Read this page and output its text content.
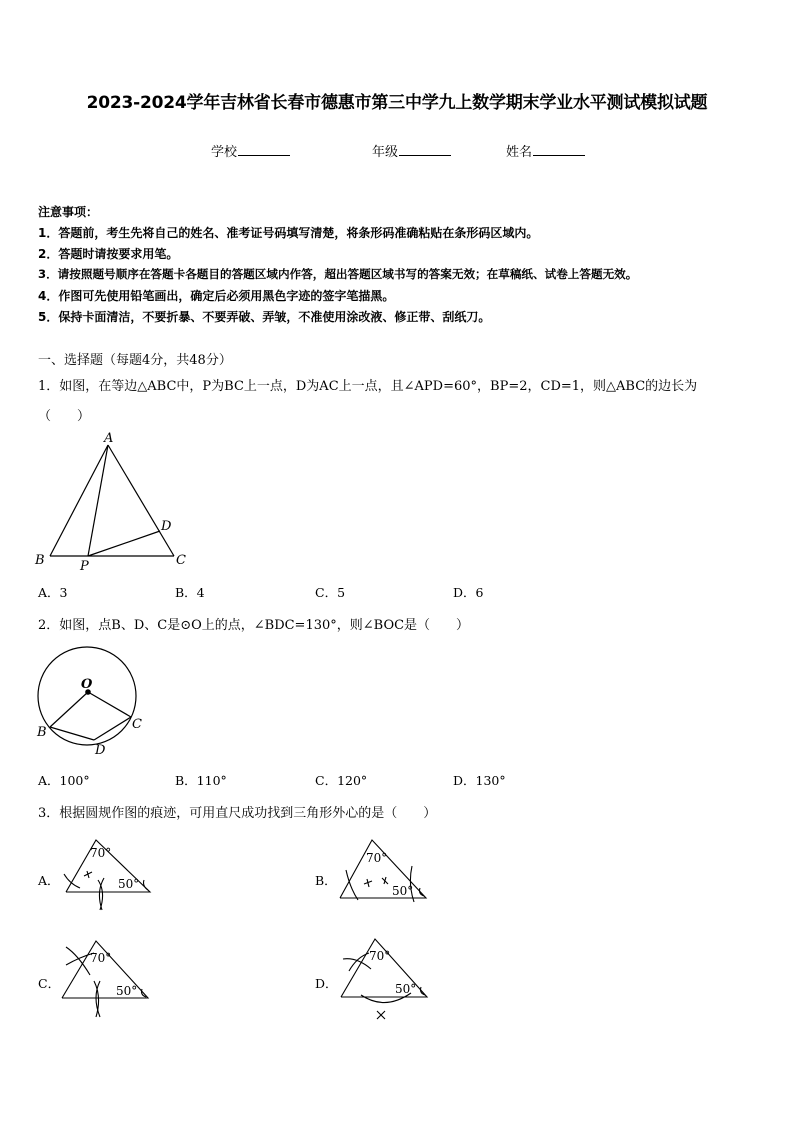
2023-2024学年吉林省长春市德惠市第三中学九上数学期末学业水平测试模拟试题
学校	年级	姓名
注意事项：
1．答题前，考生先将自己的姓名、准考证号码填写清楚，将条形码准确粘贴在条形码区域内。
2．答题时请按要求用笔。
3．请按照题号顺序在答题卡各题目的答题区域内作答，超出答题区域书写的答案无效；在草稿纸、试卷上答题无效。
4．作图可先使用铅笔画出，确定后必须用黑色字迹的签字笔描黑。
5．保持卡面清洁，不要折暴、不要弄破、弄皱，不准使用涂改液、修正带、刮纸刀。
一、选择题（每题4分，共48分）
1．如图，在等边△ABC中，P为BC上一点，D为AC上一点，且∠APD=60°，BP=2，CD=1，则△ABC的边长为
（　　）
A
B	C
D
P
A．3	B．4	C．5	D．6
2．如图，点B、D、C是⊙O上的点，∠BDC=130°，则∠BOC是（　　）
O
B
C
D
A．100°	B．110°	C．120°	D．130°
3．根据圆规作图的痕迹，可用直尺成功找到三角形外心的是（　　）
A．
70°
50°	B．
70°
50°
C．
70°
50°	D．
70°
50°
